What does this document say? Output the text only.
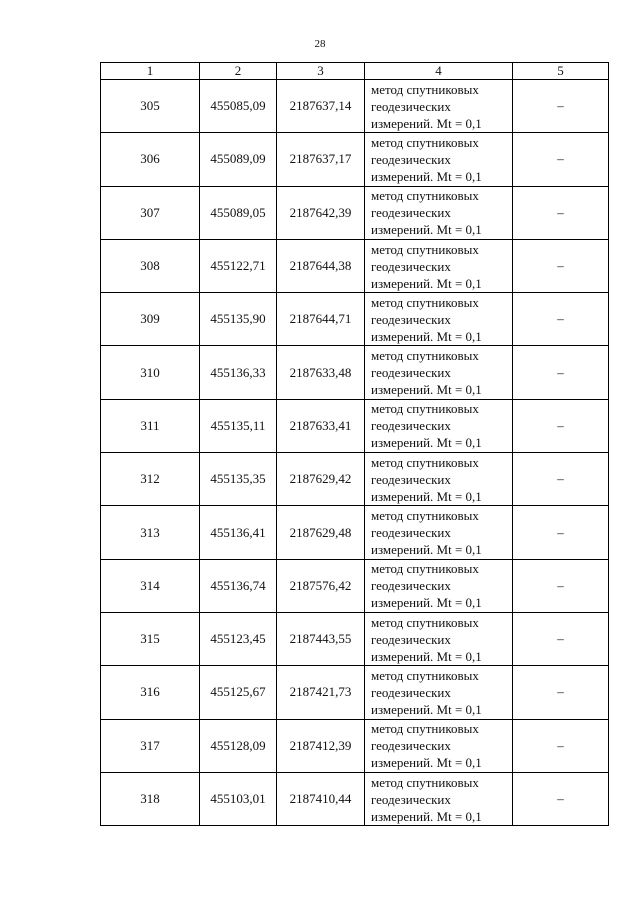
28
1	2	3	4	5
305	455085,09	2187637,14	метод спутниковых
геодезических
измерений. Mt = 0,1	–
306	455089,09	2187637,17	метод спутниковых
геодезических
измерений. Mt = 0,1	–
307	455089,05	2187642,39	метод спутниковых
геодезических
измерений. Mt = 0,1	–
308	455122,71	2187644,38	метод спутниковых
геодезических
измерений. Mt = 0,1	–
309	455135,90	2187644,71	метод спутниковых
геодезических
измерений. Mt = 0,1	–
310	455136,33	2187633,48	метод спутниковых
геодезических
измерений. Mt = 0,1	–
311	455135,11	2187633,41	метод спутниковых
геодезических
измерений. Mt = 0,1	–
312	455135,35	2187629,42	метод спутниковых
геодезических
измерений. Mt = 0,1	–
313	455136,41	2187629,48	метод спутниковых
геодезических
измерений. Mt = 0,1	–
314	455136,74	2187576,42	метод спутниковых
геодезических
измерений. Mt = 0,1	–
315	455123,45	2187443,55	метод спутниковых
геодезических
измерений. Mt = 0,1	–
316	455125,67	2187421,73	метод спутниковых
геодезических
измерений. Mt = 0,1	–
317	455128,09	2187412,39	метод спутниковых
геодезических
измерений. Mt = 0,1	–
318	455103,01	2187410,44	метод спутниковых
геодезических
измерений. Mt = 0,1	–
